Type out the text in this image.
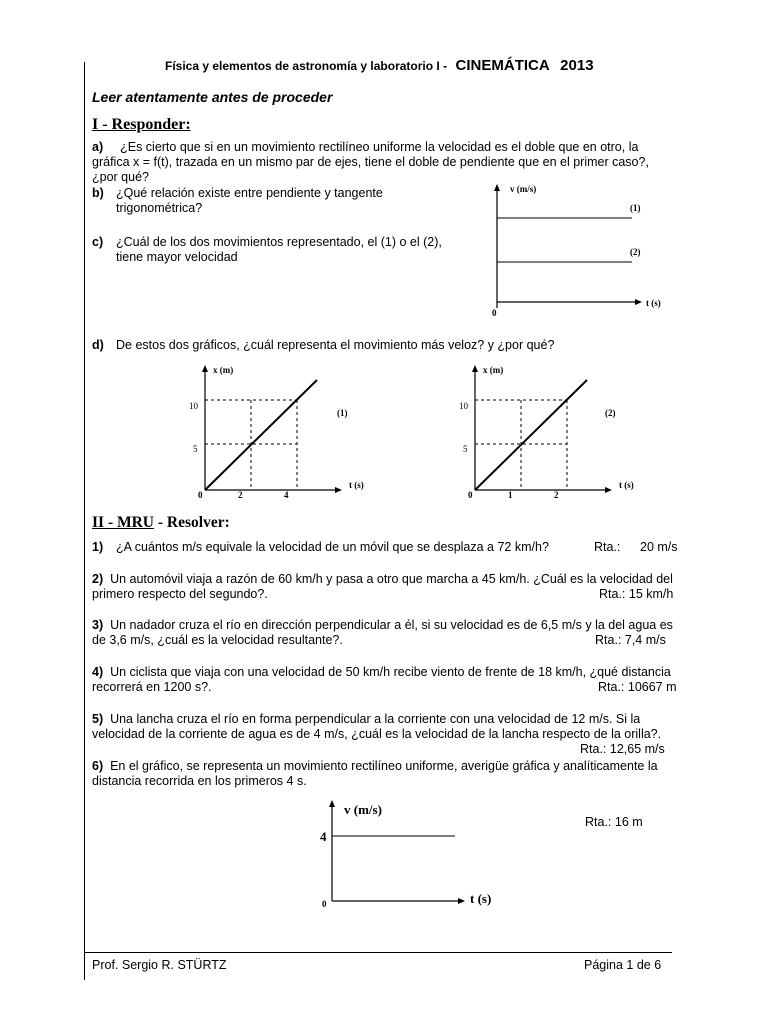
Física y elementos de astronomía y laboratorio I - CINEMÁTICA 2013
Leer atentamente antes de proceder
I - Responder:
a) ¿Es cierto que si en un movimiento rectilíneo uniforme la velocidad es el doble que en otro, la gráfica x = f(t), trazada en un mismo par de ejes, tiene el doble de pendiente que en el primer caso?, ¿por qué?
b) ¿Qué relación existe entre pendiente y tangente trigonométrica?
c)	¿Cuál de los dos movimientos representado, el (1) o el (2), tiene mayor velocidad
v (m/s)
(1)
(2)
t (s)
0
d) De estos dos gráficos, ¿cuál representa el movimiento más veloz? y ¿por qué?
x (m)
10
5
0	2	4
t (s)
(1)
x (m)
10
5
0	1	2
t (s)
(2)
II - MRU - Resolver:
1) ¿A cuántos m/s equivale la velocidad de un móvil que se desplaza a 72 km/h?	Rta.: 20 m/s
2) Un automóvil viaja a razón de 60 km/h y pasa a otro que marcha a 45 km/h. ¿Cuál es la velocidad del primero respecto del segundo?.	Rta.: 15 km/h
3) Un nadador cruza el río en dirección perpendicular a él, si su velocidad es de 6,5 m/s y la del agua es de 3,6 m/s, ¿cuál es la velocidad resultante?.	Rta.: 7,4 m/s
4) Un ciclista que viaja con una velocidad de 50 km/h recibe viento de frente de 18 km/h, ¿qué distancia recorrerá en 1200 s?.	Rta.: 10667 m
5) Una lancha cruza el río en forma perpendicular a la corriente con una velocidad de 12 m/s. Si la velocidad de la corriente de agua es de 4 m/s, ¿cuál es la velocidad de la lancha respecto de la orilla?.
Rta.: 12,65 m/s
6) En el gráfico, se representa un movimiento rectilíneo uniforme, averigüe gráfica y analíticamente la distancia recorrida en los primeros 4 s.
Rta.: 16 m
v (m/s)
4
t (s)
0
Prof. Sergio R. STÜRTZ	Página 1 de 6
